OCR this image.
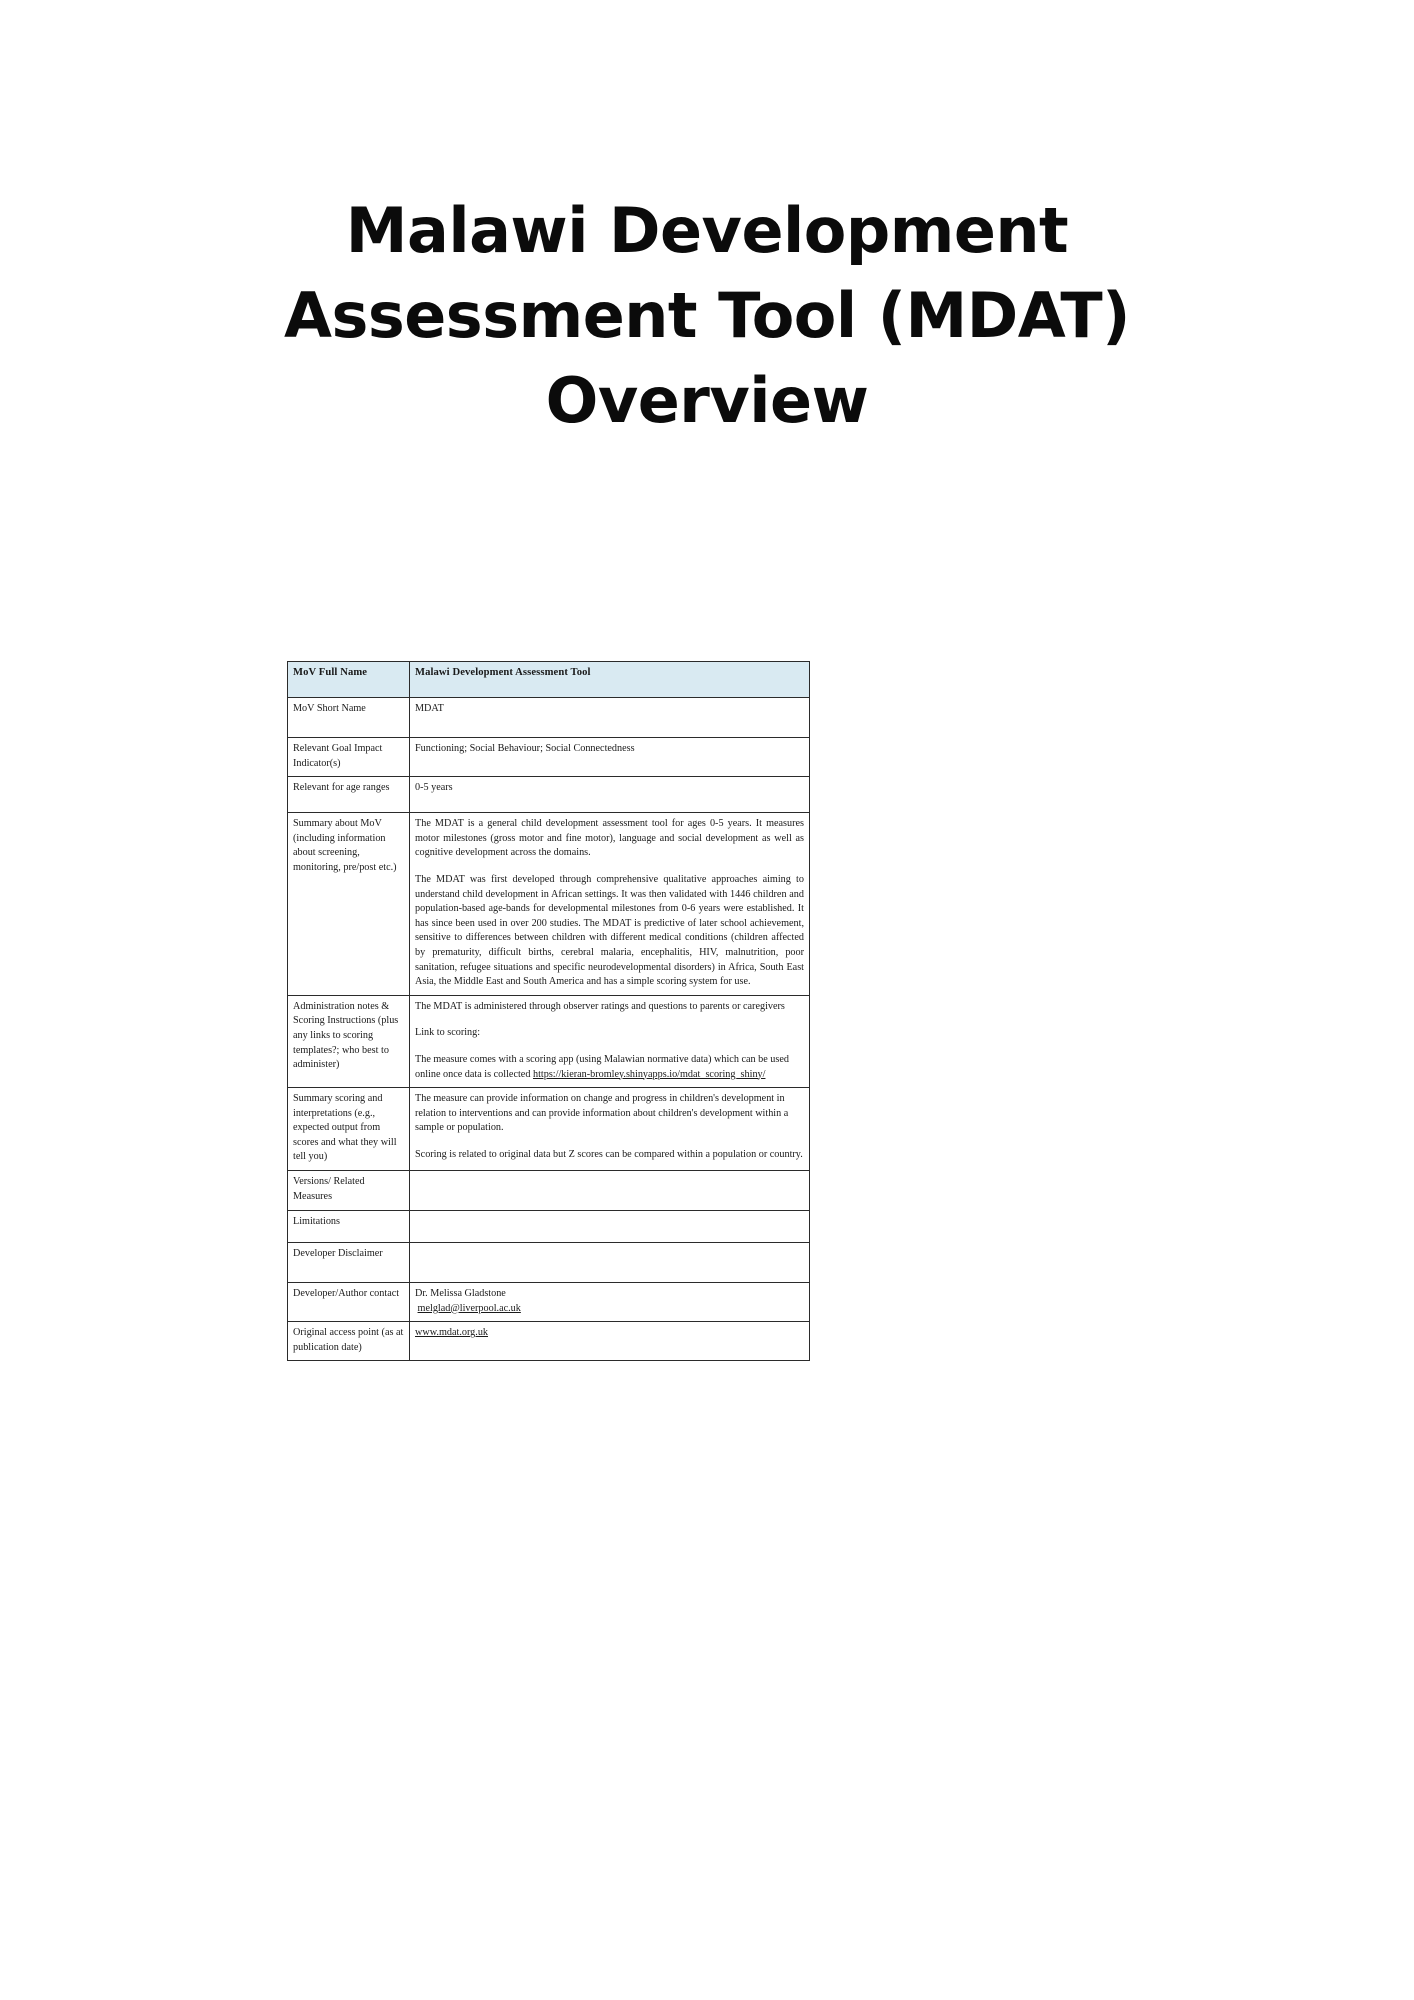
Malawi Development Assessment Tool (MDAT) Overview
MoV Full Name	Malawi Development Assessment Tool
MoV Short Name	MDAT
Relevant Goal Impact Indicator(s)	Functioning; Social Behaviour; Social Connectedness
Relevant for age ranges	0-5 years
Summary about MoV (including information about screening, monitoring, pre/post etc.)	The MDAT is a general child development assessment tool for ages 0-5 years. It measures motor milestones (gross motor and fine motor), language and social development as well as cognitive development across the domains.

The MDAT was first developed through comprehensive qualitative approaches aiming to understand child development in African settings. It was then validated with 1446 children and population-based age-bands for developmental milestones from 0-6 years were established. It has since been used in over 200 studies. The MDAT is predictive of later school achievement, sensitive to differences between children with different medical conditions (children affected by prematurity, difficult births, cerebral malaria, encephalitis, HIV, malnutrition, poor sanitation, refugee situations and specific neurodevelopmental disorders) in Africa, South East Asia, the Middle East and South America and has a simple scoring system for use.

Administration notes & Scoring Instructions (plus any links to scoring templates?; who best to administer)	The MDAT is administered through observer ratings and questions to parents or caregivers

Link to scoring:

The measure comes with a scoring app (using Malawian normative data) which can be used online once data is collected https://kieran-bromley.shinyapps.io/mdat_scoring_shiny/

Summary scoring and interpretations (e.g., expected output from scores and what they will tell you)	The measure can provide information on change and progress in children's development in relation to interventions and can provide information about children's development within a sample or population.

Scoring is related to original data but Z scores can be compared within a population or country.

Versions/ Related Measures	
Limitations	
Developer Disclaimer	
Developer/Author contact	Dr. Melissa Gladstone

melglad@liverpool.ac.uk

Original access point (as at publication date)	www.mdat.org.uk
